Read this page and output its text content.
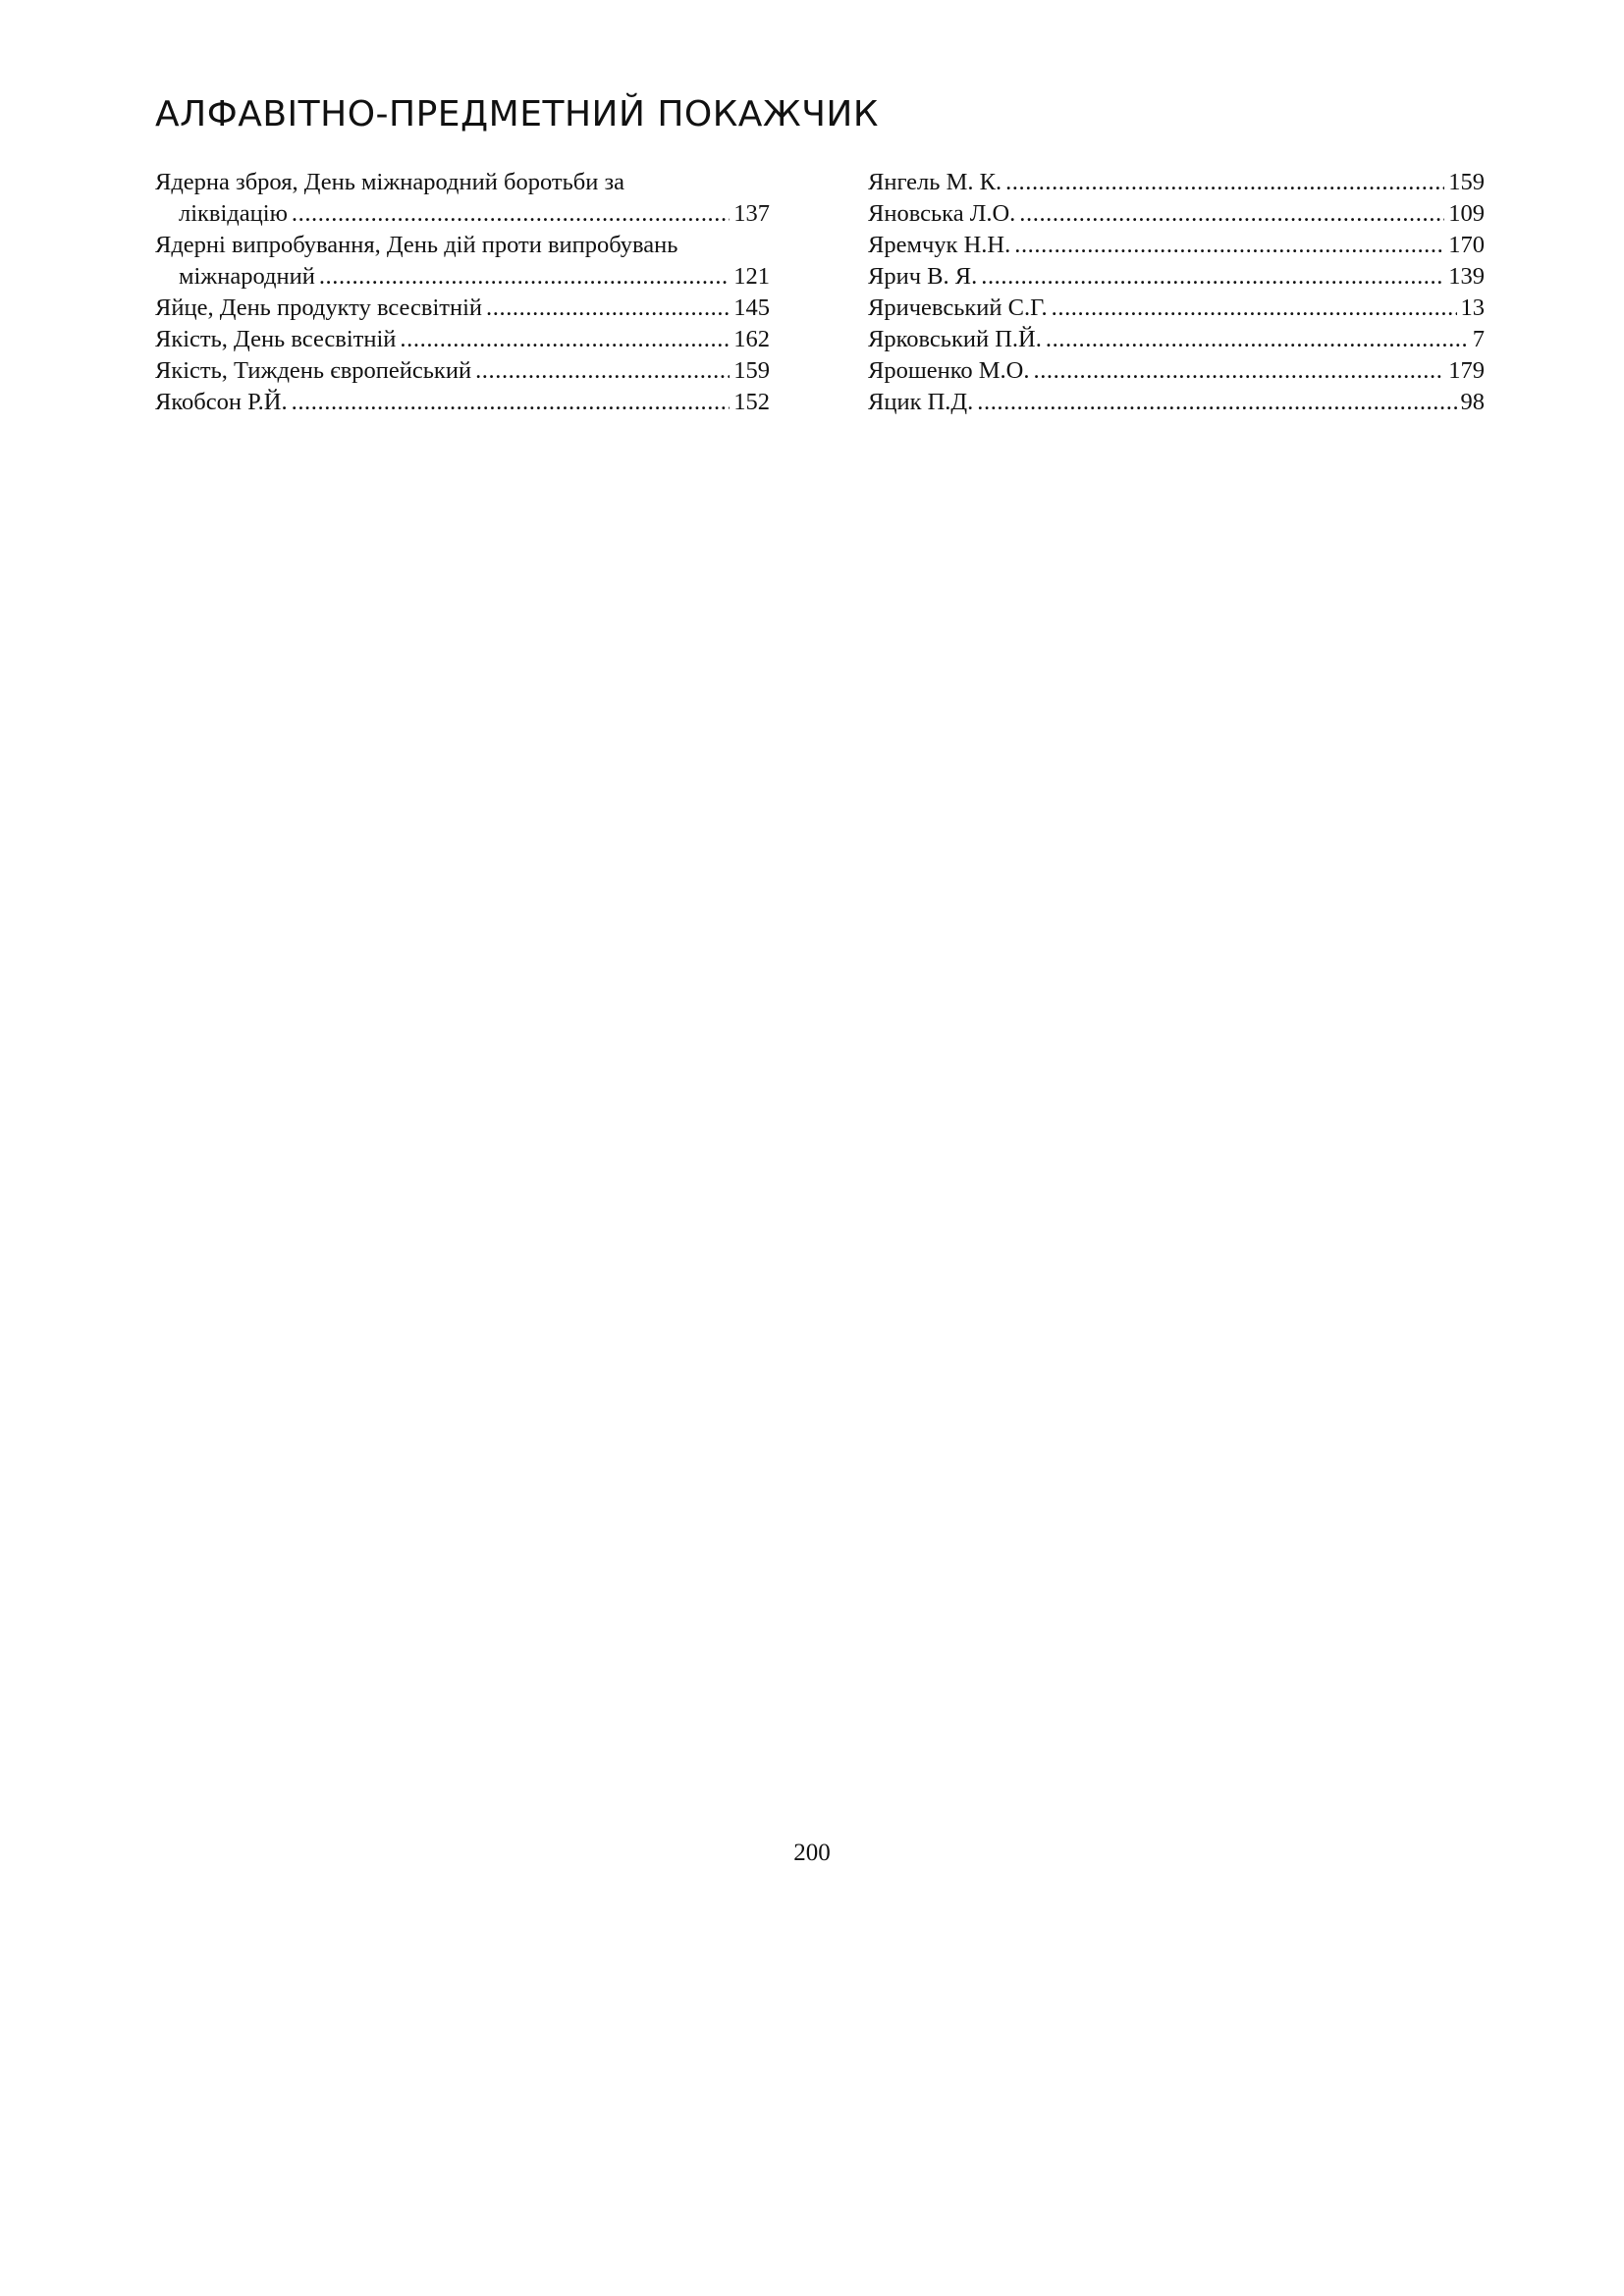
АЛФАВІТНО-ПРЕДМЕТНИЙ ПОКАЖЧИК
Ядерна зброя, День міжнародний боротьби за
ліквідацію .....	137
Ядерні випробування, День дій проти випробувань
міжнародний .....	121
Яйце, День продукту всесвітній .....	145
Якість, День всесвітній .....	162
Якість, Тиждень європейський .....	159
Якобсон Р.Й. .....	152
Янгель М. К. .....	159
Яновська Л.О. .....	109
Яремчук Н.Н. .....	170
Ярич В. Я. .....	139
Яричевський С.Г. .....	13
Ярковський П.Й. .....	7
Ярошенко М.О. .....	179
Яцик П.Д. .....	98
200
